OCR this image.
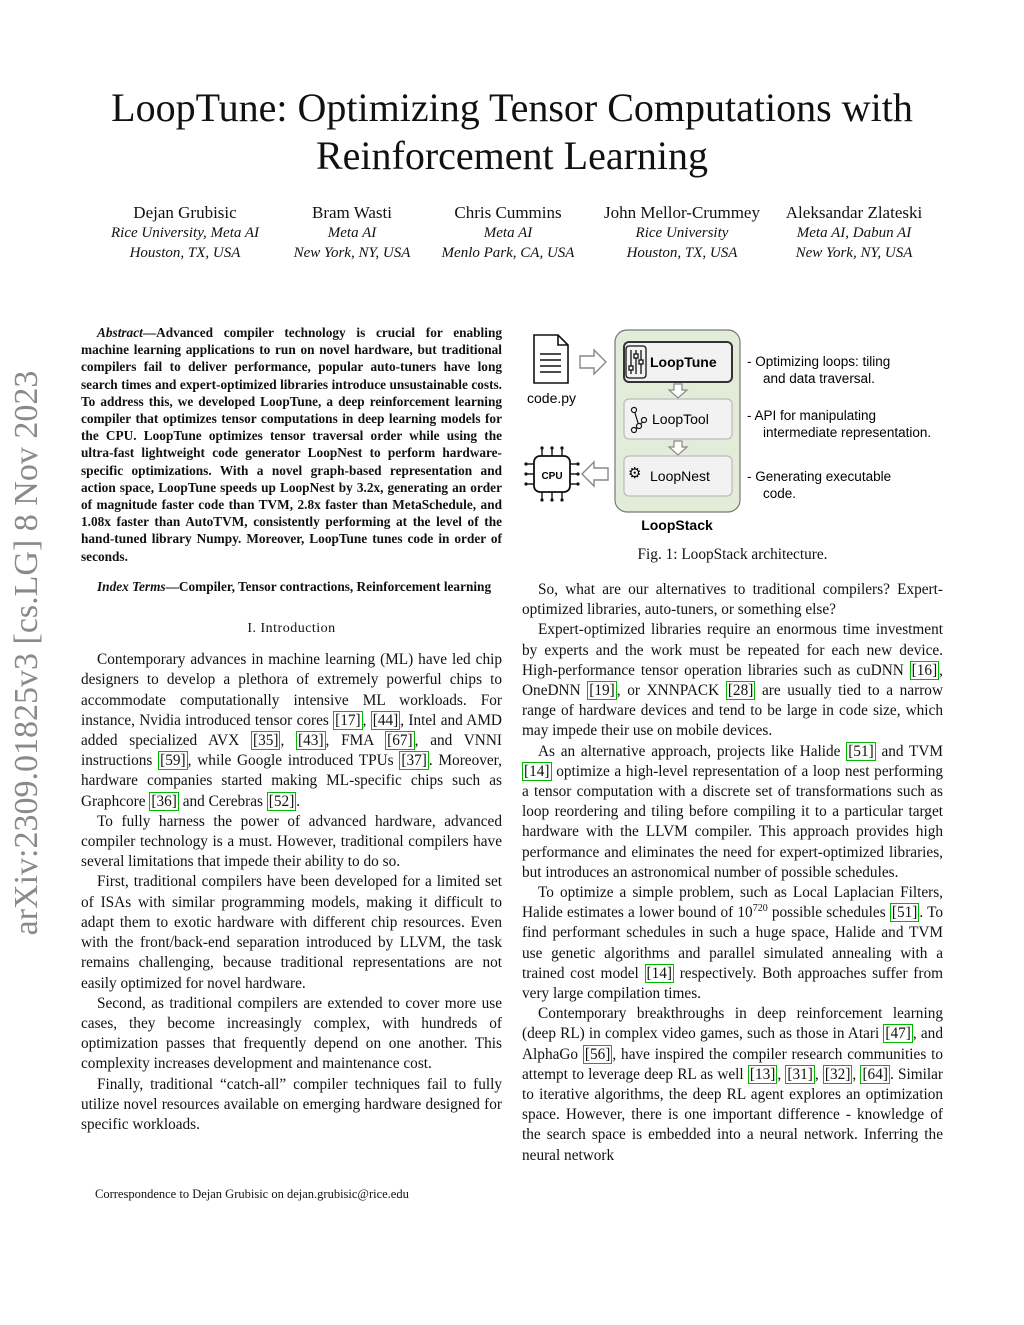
arXiv:2309.01825v3 [cs.LG] 8 Nov 2023
LoopTune: Optimizing Tensor Computations with Reinforcement Learning
Dejan Grubisic
Rice University, Meta AI
Houston, TX, USA
Bram Wasti
Meta AI
New York, NY, USA
Chris Cummins
Meta AI
Menlo Park, CA, USA
John Mellor-Crummey
Rice University
Houston, TX, USA
Aleksandar Zlateski
Meta AI, Dabun AI
New York, NY, USA

Abstract—Advanced compiler technology is crucial for enabling machine learning applications to run on novel hardware, but traditional compilers fail to deliver performance, popular auto-tuners have long search times and expert-optimized libraries introduce unsustainable costs. To address this, we developed LoopTune, a deep reinforcement learning compiler that optimizes tensor computations in deep learning models for the CPU. LoopTune optimizes tensor traversal order while using the ultra-fast lightweight code generator LoopNest to perform hardware-specific optimizations. With a novel graph-based representation and action space, LoopTune speeds up LoopNest by 3.2x, generating an order of magnitude faster code than TVM, 2.8x faster than MetaSchedule, and 1.08x faster than AutoTVM, consistently performing at the level of the hand-tuned library Numpy. Moreover, LoopTune tunes code in order of seconds.

Index Terms—Compiler, Tensor contractions, Reinforcement learning

I. Introduction

Contemporary advances in machine learning (ML) have led chip designers to develop a plethora of extremely powerful chips to accommodate computationally intensive ML workloads. For instance, Nvidia introduced tensor cores [17] , [44] , Intel and AMD added specialized AVX [35] , [43] , FMA [67] , and VNNI instructions [59] , while Google introduced TPUs [37] . Moreover, hardware companies started making ML-specific chips such as Graphcore [36] and Cerebras [52] .

To fully harness the power of advanced hardware, advanced compiler technology is a must. However, traditional compilers have several limitations that impede their ability to do so.

First, traditional compilers have been developed for a limited set of ISAs with similar programming models, making it difficult to adapt them to exotic hardware with different chip resources. Even with the front/back-end separation introduced by LLVM, the task remains challenging, because traditional representations are not easily optimized for novel hardware.

Second, as traditional compilers are extended to cover more use cases, they become increasingly complex, with hundreds of optimization passes that frequently depend on one another. This complexity increases development and maintenance cost.

Finally, traditional “catch-all” compiler techniques fail to fully utilize novel resources available on emerging hardware designed for specific workloads.

Correspondence to Dejan Grubisic on dejan.grubisic@rice.edu
code.py
CPU
LoopTune
LoopTool
⚙ LoopNest
LoopStack
- Optimizing loops: tiling
and data traversal.
- API for manipulating
intermediate representation.
- Generating executable
code.
Fig. 1: LoopStack architecture.

So, what are our alternatives to traditional compilers? Expert-optimized libraries, auto-tuners, or something else?

Expert-optimized libraries require an enormous time investment by experts and the work must be repeated for each new device. High-performance tensor operation libraries such as cuDNN [16] , OneDNN [19] , or XNNPACK [28] are usually tied to a narrow range of hardware devices and tend to be large in code size, which may impede their use on mobile devices.

As an alternative approach, projects like Halide [51] and TVM [14] optimize a high-level representation of a loop nest performing a tensor computation with a discrete set of transformations such as loop reordering and tiling before compiling it to a particular target hardware with the LLVM compiler. This approach provides high performance and eliminates the need for expert-optimized libraries, but introduces an astronomical number of possible schedules.

To optimize a simple problem, such as Local Laplacian Filters, Halide estimates a lower bound of $10^{720}$ possible schedules [51] . To find performant schedules in such a huge space, Halide and TVM use genetic algorithms and parallel simulated annealing with a trained cost model [14] respectively. Both approaches suffer from very large compilation times.

Contemporary breakthroughs in deep reinforcement learning (deep RL) in complex video games, such as those in Atari [47] , and AlphaGo [56] , have inspired the compiler research communities to attempt to leverage deep RL as well [13] , [31] , [32] , [64] . Similar to iterative algorithms, the deep RL agent explores an optimization space. However, there is one important difference - knowledge of the search space is embedded into a neural network. Inferring the neural network
